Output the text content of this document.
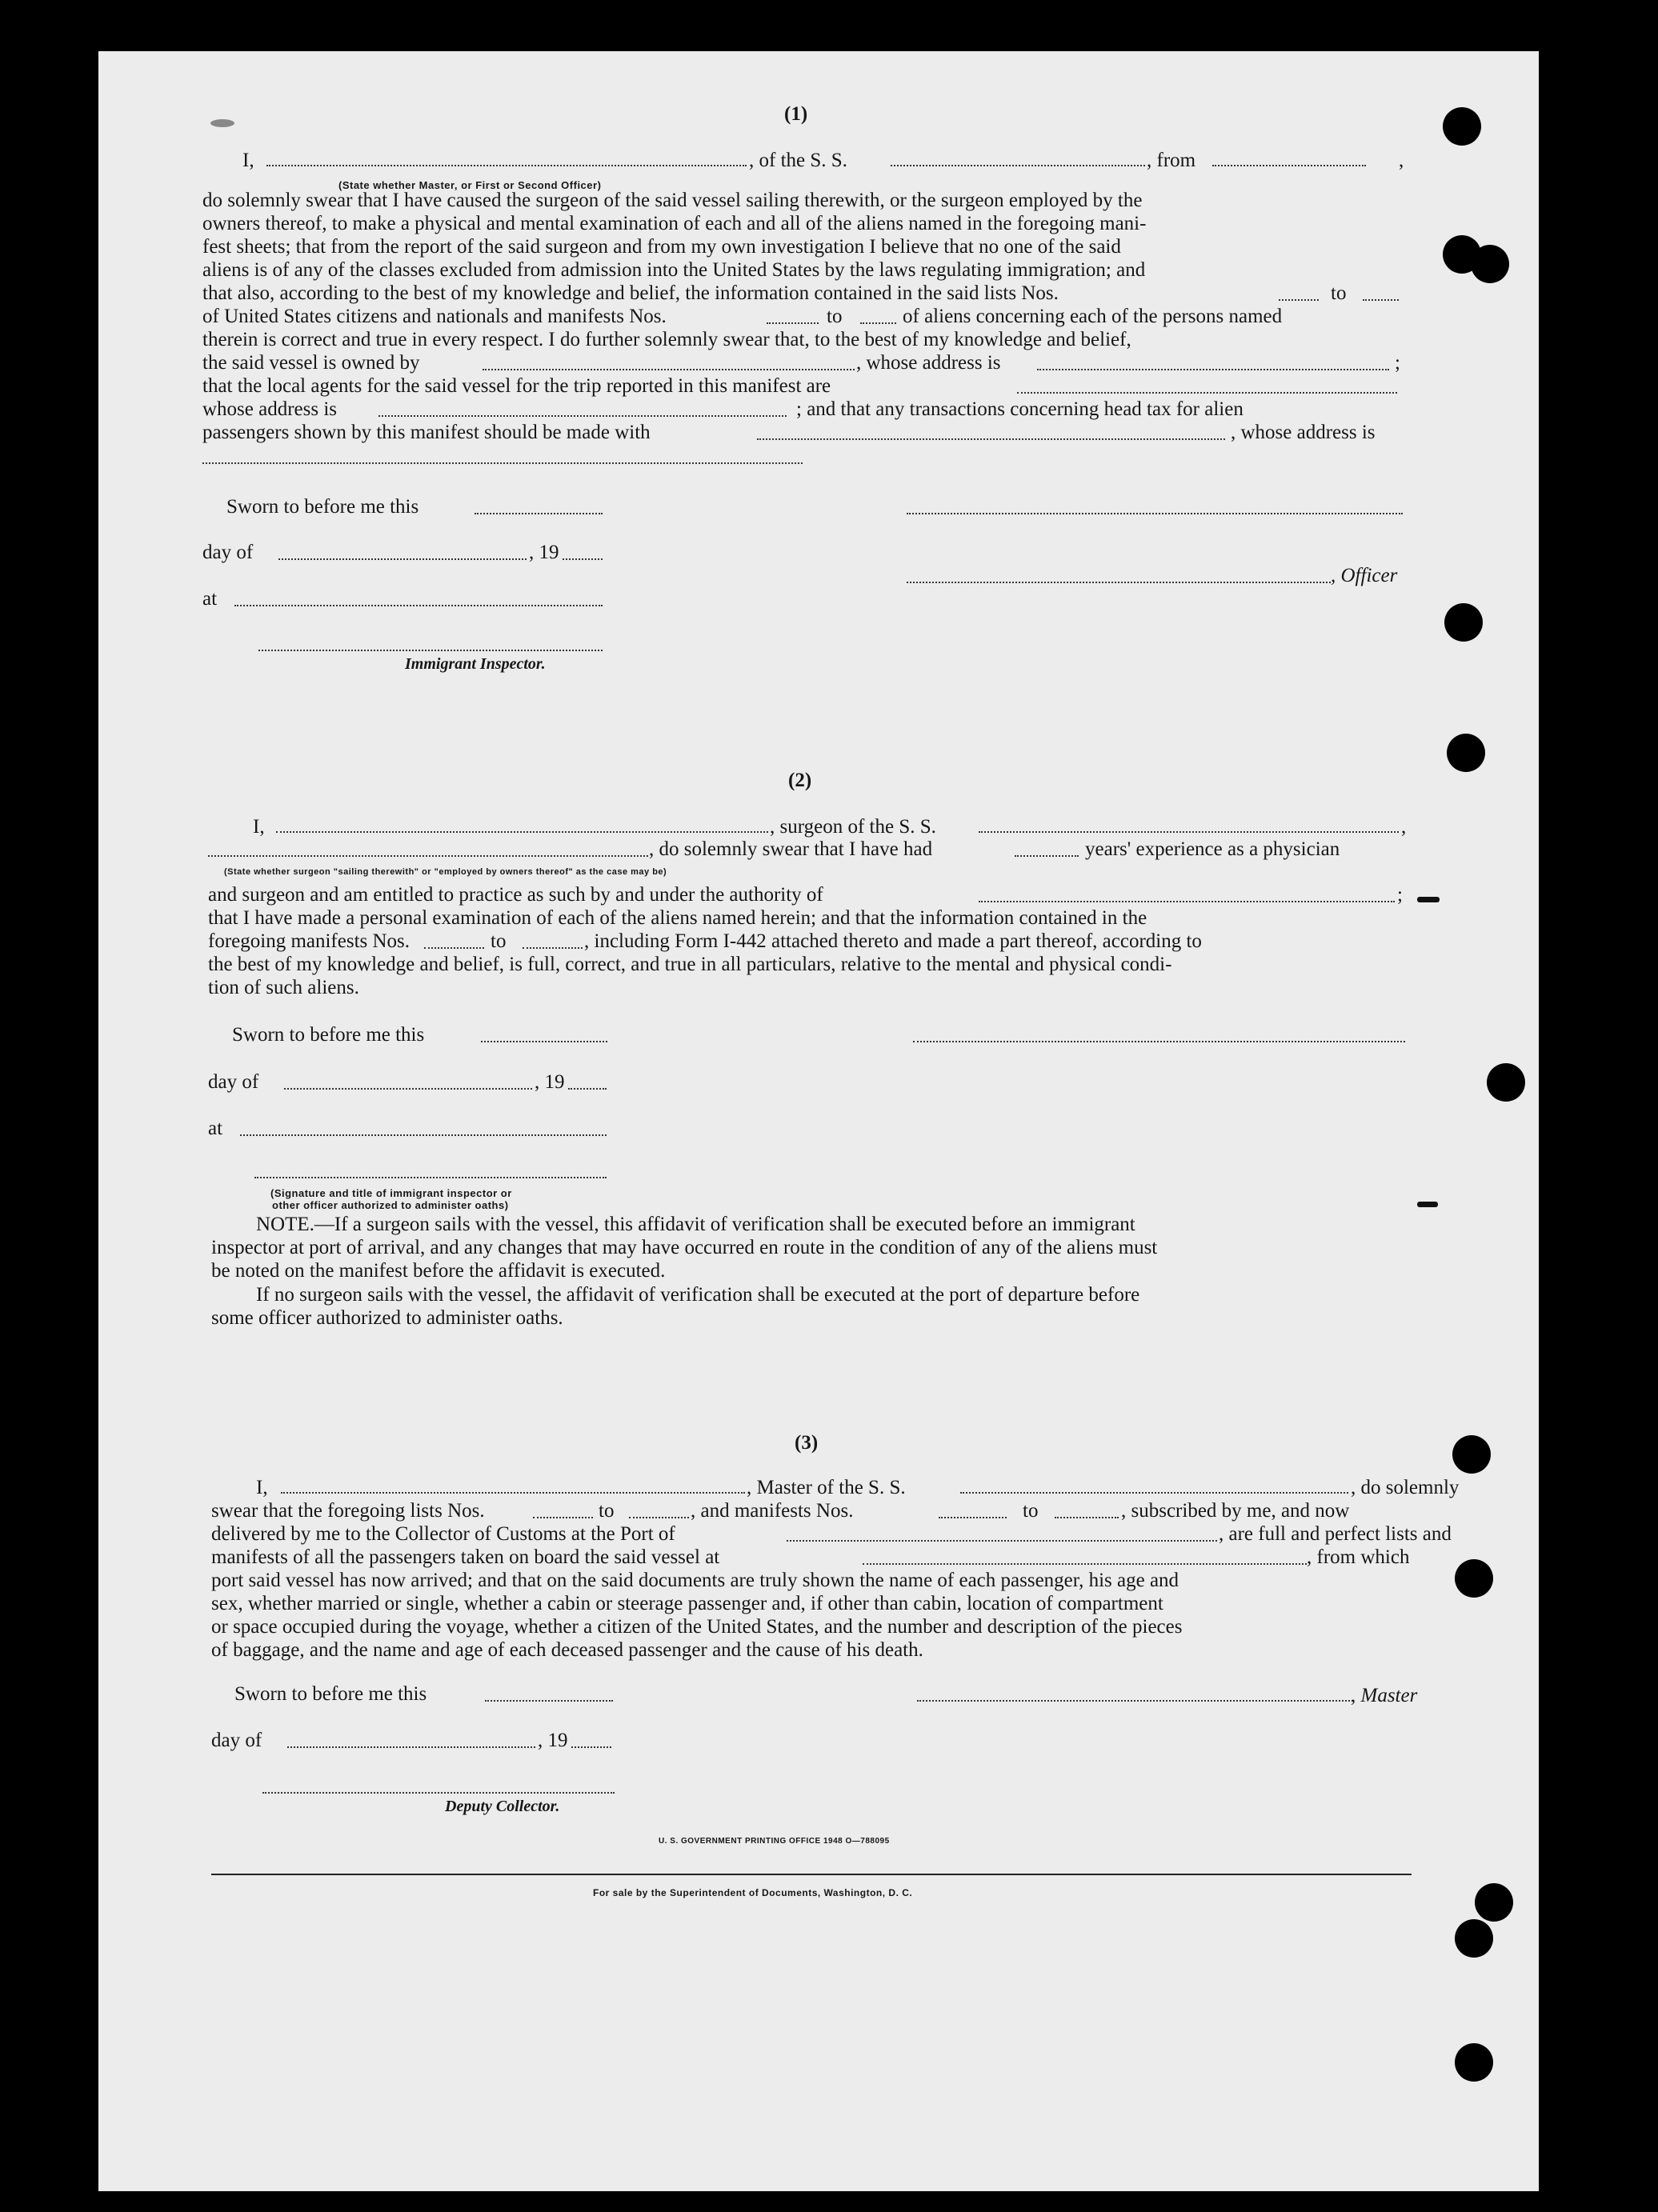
(1)
I,	, of the S. S.	, from	,
(State whether Master, or First or Second Officer)
do solemnly swear that I have caused the surgeon of the said vessel sailing therewith, or the surgeon employed by the
owners thereof, to make a physical and mental examination of each and all of the aliens named in the foregoing mani-
fest sheets; that from the report of the said surgeon and from my own investigation I believe that no one of the said
aliens is of any of the classes excluded from admission into the United States by the laws regulating immigration; and
that also, according to the best of my knowledge and belief, the information contained in the said lists Nos.	to
of United States citizens and nationals and manifests Nos.	to	of aliens concerning each of the persons named
therein is correct and true in every respect. I do further solemnly swear that, to the best of my knowledge and belief,
the said vessel is owned by	, whose address is	;
that the local agents for the said vessel for the trip reported in this manifest are
whose address is	; and that any transactions concerning head tax for alien
passengers shown by this manifest should be made with	, whose address is
Sworn to before me this
day of	, 19
, Officer
at
Immigrant Inspector.
(2)
I,	, surgeon of the S. S.	,
, do solemnly swear that I have had	years' experience as a physician
(State whether surgeon "sailing therewith" or "employed by owners thereof" as the case may be)
and surgeon and am entitled to practice as such by and under the authority of	;
that I have made a personal examination of each of the aliens named herein; and that the information contained in the
foregoing manifests Nos.	to	, including Form I-442 attached thereto and made a part thereof, according to
the best of my knowledge and belief, is full, correct, and true in all particulars, relative to the mental and physical condi-
tion of such aliens.
Sworn to before me this
day of	, 19
at
(Signature and title of immigrant inspector or
other officer authorized to administer oaths)
NOTE.—If a surgeon sails with the vessel, this affidavit of verification shall be executed before an immigrant
inspector at port of arrival, and any changes that may have occurred en route in the condition of any of the aliens must
be noted on the manifest before the affidavit is executed.
If no surgeon sails with the vessel, the affidavit of verification shall be executed at the port of departure before
some officer authorized to administer oaths.
(3)
I,	, Master of the S. S.	, do solemnly
swear that the foregoing lists Nos.	to	, and manifests Nos.	to	, subscribed by me, and now
delivered by me to the Collector of Customs at the Port of	, are full and perfect lists and
manifests of all the passengers taken on board the said vessel at	, from which
port said vessel has now arrived; and that on the said documents are truly shown the name of each passenger, his age and
sex, whether married or single, whether a cabin or steerage passenger and, if other than cabin, location of compartment
or space occupied during the voyage, whether a citizen of the United States, and the number and description of the pieces
of baggage, and the name and age of each deceased passenger and the cause of his death.
Sworn to before me this	, Master
day of	, 19
Deputy Collector.
U. S. GOVERNMENT PRINTING OFFICE 1948 O—788095
For sale by the Superintendent of Documents, Washington, D. C.
